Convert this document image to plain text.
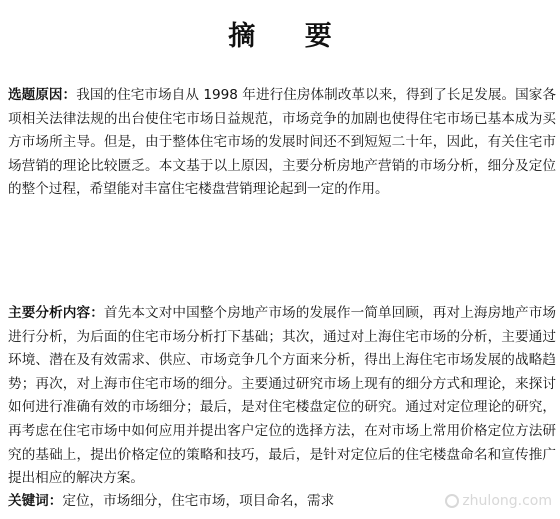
摘 要

选题原因：我国的住宅市场自从 1998 年进行住房体制改革以来，得到了长足发展。国家各项相关法律法规的出台使住宅市场日益规范，市场竞争的加剧也使得住宅市场已基本成为买方市场所主导。但是，由于整体住宅市场的发展时间还不到短短二十年，因此，有关住宅市场营销的理论比较匮乏。本文基于以上原因，主要分析房地产营销的市场分析，细分及定位的整个过程，希望能对丰富住宅楼盘营销理论起到一定的作用。

主要分析内容：首先本文对中国整个房地产市场的发展作一简单回顾，再对上海房地产市场进行分析，为后面的住宅市场分析打下基础；其次，通过对上海住宅市场的分析，主要通过环境、潜在及有效需求、供应、市场竞争几个方面来分析，得出上海住宅市场发展的战略趋势；再次，对上海市住宅市场的细分。主要通过研究市场上现有的细分方式和理论，来探讨如何进行准确有效的市场细分；最后，是对住宅楼盘定位的研究。通过对定位理论的研究，再考虑在住宅市场中如何应用并提出客户定位的选择方法，在对市场上常用价格定位方法研究的基础上，提出价格定位的策略和技巧，最后，是针对定位后的住宅楼盘命名和宣传推广提出相应的解决方案。

关键词：定位，市场细分，住宅市场，项目命名，需求	zhulong.com
